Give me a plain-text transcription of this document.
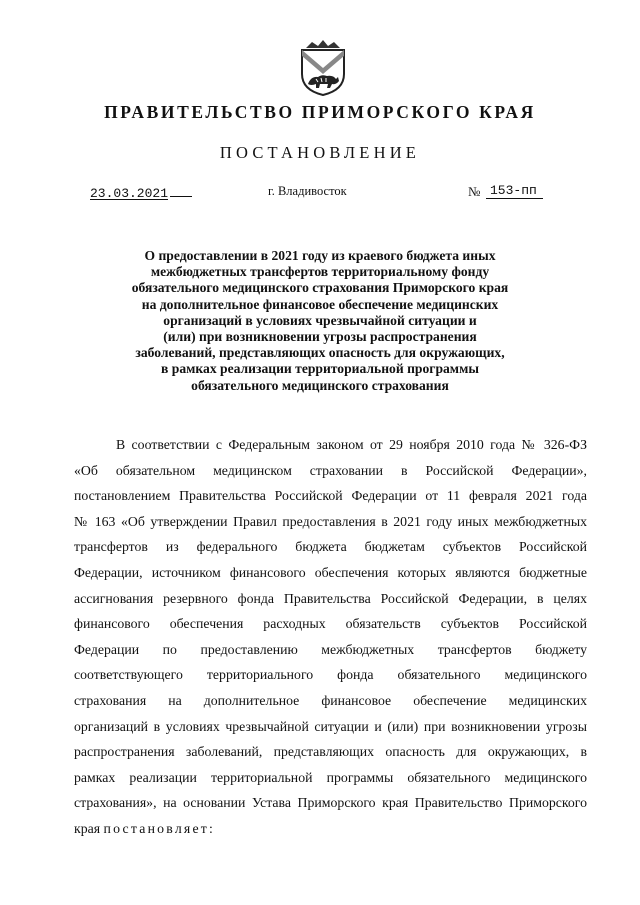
ПРАВИТЕЛЬСТВО ПРИМОРСКОГО КРАЯ
ПОСТАНОВЛЕНИЕ
23.03.2021	г. Владивосток	№ 153-пп
О предоставлении в 2021 году из краевого бюджета иных
межбюджетных трансфертов территориальному фонду
обязательного медицинского страхования Приморского края
на дополнительное финансовое обеспечение медицинских
организаций в условиях чрезвычайной ситуации и
(или) при возникновении угрозы распространения
заболеваний, представляющих опасность для окружающих,
в рамках реализации территориальной программы
обязательного медицинского страхования
В соответствии с Федеральным законом от 29 ноября 2010 года № 326-ФЗ
«Об обязательном медицинском страховании в Российской Федерации»,
постановлением Правительства Российской Федерации от 11 февраля 2021 года
№ 163 «Об утверждении Правил предоставления в 2021 году иных межбюджетных
трансфертов из федерального бюджета бюджетам субъектов Российской
Федерации, источником финансового обеспечения которых являются бюджетные
ассигнования резервного фонда Правительства Российской Федерации, в целях
финансового обеспечения расходных обязательств субъектов Российской
Федерации по предоставлению межбюджетных трансфертов бюджету
соответствующего территориального фонда обязательного медицинского
страхования на дополнительное финансовое обеспечение медицинских
организаций в условиях чрезвычайной ситуации и (или) при возникновении угрозы
распространения заболеваний, представляющих опасность для окружающих, в
рамках реализации территориальной программы обязательного медицинского
страхования», на основании Устава Приморского края Правительство Приморского
края постановляет:
